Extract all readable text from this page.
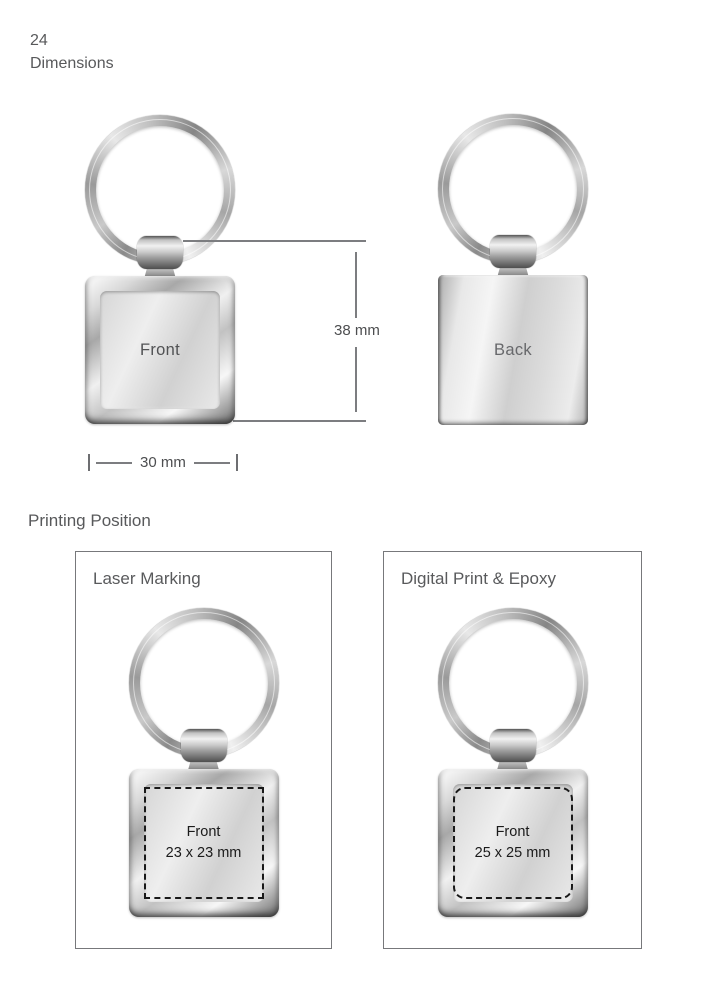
24
Dimensions
Front	Back
38 mm
30 mm
Printing Position
Laser Marking
Front
23 x 23 mm
Digital Print & Epoxy
Front
25 x 25 mm
